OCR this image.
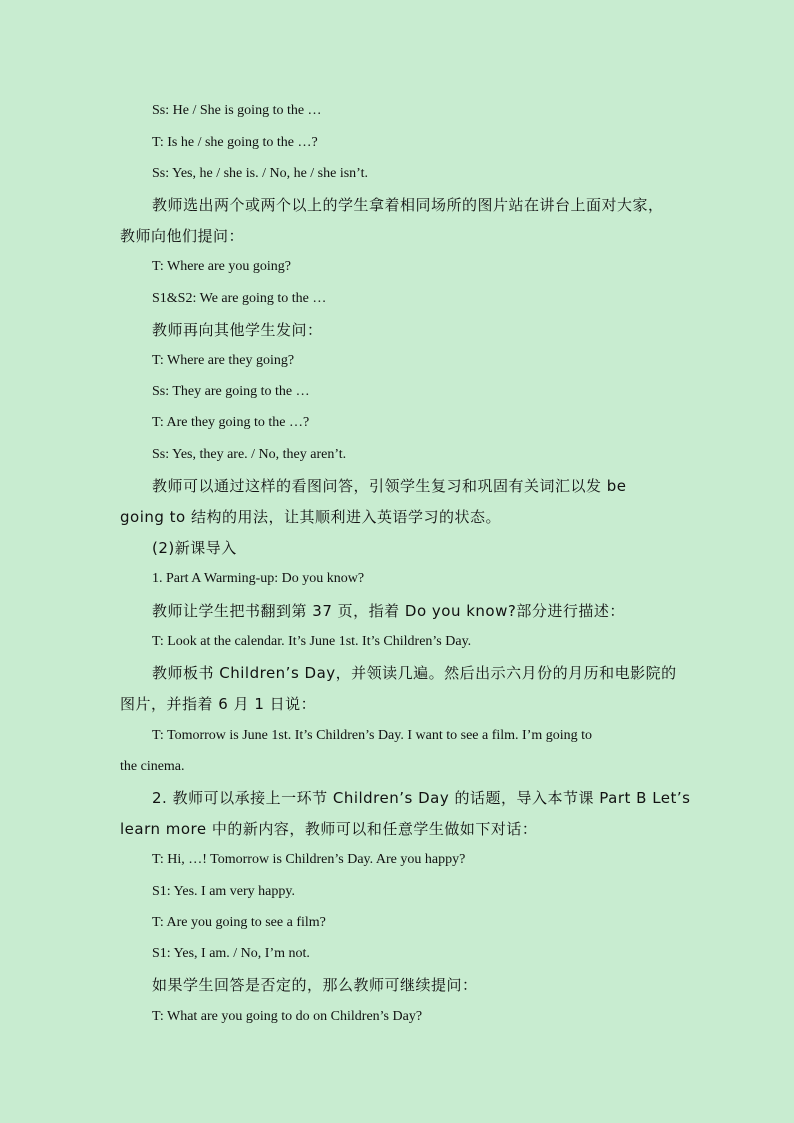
Ss: He / She is going to the …
T: Is he / she going to the …?
Ss: Yes, he / she is. / No, he / she isn’t.
教师选出两个或两个以上的学生拿着相同场所的图片站在讲台上面对大家，
教师向他们提问：
T: Where are you going?
S1&S2: We are going to the …
教师再向其他学生发问：
T: Where are they going?
Ss: They are going to the …
T: Are they going to the …?
Ss: Yes, they are. / No, they aren’t.
教师可以通过这样的看图问答，引领学生复习和巩固有关词汇以发 be
going to 结构的用法，让其顺利进入英语学习的状态。
(2)新课导入
1. Part A Warming-up: Do you know?
教师让学生把书翻到第 37 页，指着 Do you know?部分进行描述：
T: Look at the calendar. It’s June 1st. It’s Children’s Day.
教师板书 Children’s Day，并领读几遍。然后出示六月份的月历和电影院的
图片，并指着 6 月 1 日说：
T: Tomorrow is June 1st. It’s Children’s Day. I want to see a film. I’m going to
the cinema.
2. 教师可以承接上一环节 Children’s Day 的话题，导入本节课 Part B Let’s
learn more 中的新内容，教师可以和任意学生做如下对话：
T: Hi, …! Tomorrow is Children’s Day. Are you happy?
S1: Yes. I am very happy.
T: Are you going to see a film?
S1: Yes, I am. / No, I’m not.
如果学生回答是否定的，那么教师可继续提问：
T: What are you going to do on Children’s Day?
